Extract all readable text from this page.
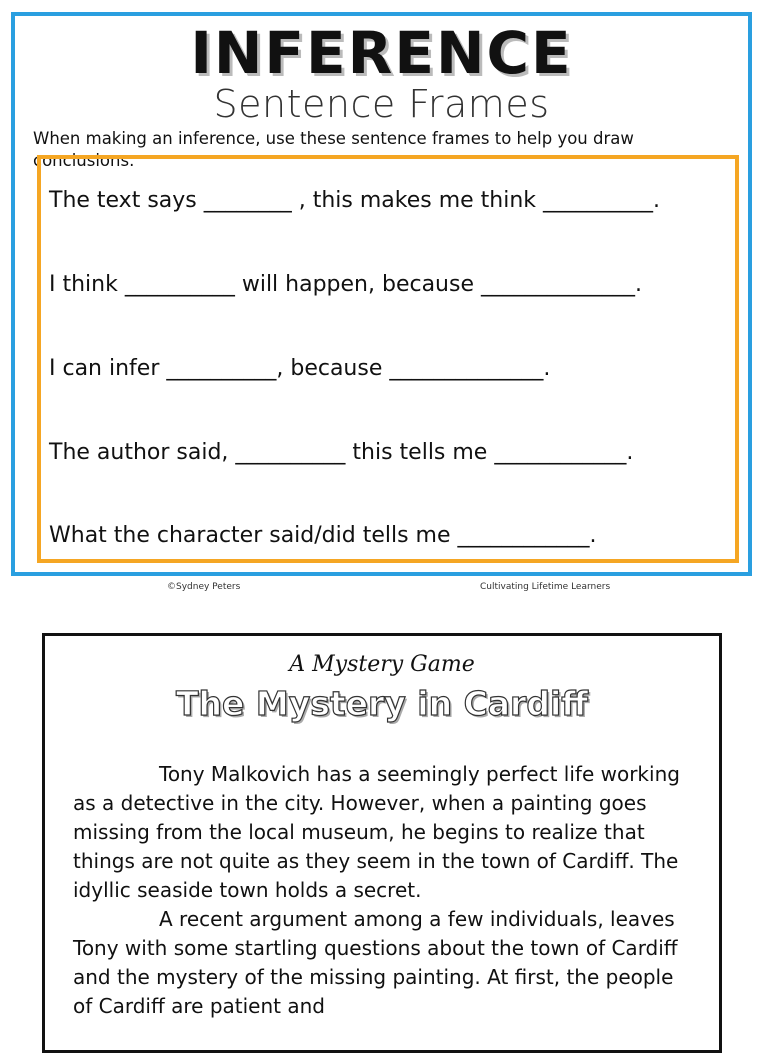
INFERENCE
Sentence Frames
When making an inference, use these sentence frames to help you draw conclusions.
The text says ________ , this makes me think __________.
I think __________ will happen, because ______________.
I can infer __________, because ______________.
The author said, __________ this tells me ____________.
What the character said/did tells me ____________.
©Sydney Peters	Cultivating Lifetime Learners
A Mystery Game
The Mystery in Cardiff

Tony Malkovich has a seemingly perfect life working as a detective in the city. However, when a painting goes missing from the local museum, he begins to realize that things are not quite as they seem in the town of Cardiff. The idyllic seaside town holds a secret.

A recent argument among a few individuals, leaves Tony with some startling questions about the town of Cardiff and the mystery of the missing painting. At first, the people of Cardiff are patient and
